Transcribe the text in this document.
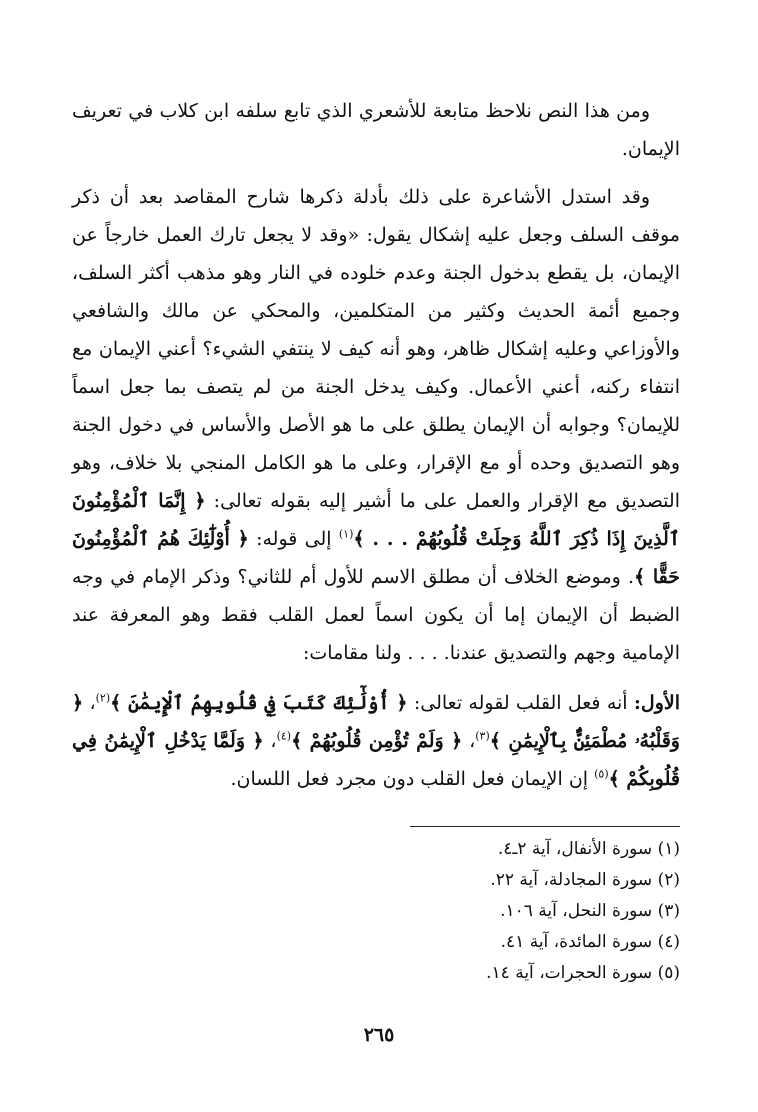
ومن هذا النص نلاحظ متابعة للأشعري الذي تابع سلفه ابن كلاب في تعريف الإيمان.

وقد استدل الأشاعرة على ذلك بأدلة ذكرها شارح المقاصد بعد أن ذكر موقف السلف وجعل عليه إشكال يقول: «وقد لا يجعل تارك العمل خارجاً عن الإيمان، بل يقطع بدخول الجنة وعدم خلوده في النار وهو مذهب أكثر السلف، وجميع أئمة الحديث وكثير من المتكلمين، والمحكي عن مالك والشافعي والأوزاعي وعليه إشكال ظاهر، وهو أنه كيف لا ينتفي الشيء؟ أعني الإيمان مع انتفاء ركنه، أعني الأعمال. وكيف يدخل الجنة من لم يتصف بما جعل اسماً للإيمان؟ وجوابه أن الإيمان يطلق على ما هو الأصل والأساس في دخول الجنة وهو التصديق وحده أو مع الإقرار، وعلى ما هو الكامل المنجي بلا خلاف، وهو التصديق مع الإقرار والعمل على ما أشير إليه بقوله تعالى: ﴿ إِنَّمَا ٱلْمُؤْمِنُونَ ٱلَّذِينَ إِذَا ذُكِرَ ٱللَّهُ وَجِلَتْ قُلُوبُهُمْ . . . ﴾$^{(١)}$ إلى قوله: ﴿ أُوْلَٰٓئِكَ هُمُ ٱلْمُؤْمِنُونَ حَقًّا ﴾. وموضع الخلاف أن مطلق الاسم للأول أم للثاني؟ وذكر الإمام في وجه الضبط أن الإيمان إما أن يكون اسماً لعمل القلب فقط وهو المعرفة عند الإمامية وجهم والتصديق عندنا. . . . ولنا مقامات:

الأول: أنه فعل القلب لقوله تعالى: ﴿ أُوْلَٰٓئِكَ كَتَبَ فِي قُلُوبِهِمُ ٱلْإِيمَٰنَ ﴾$^{(٢)}$، ﴿ وَقَلْبُهُۥ مُطْمَئِنٌّۢ بِٱلْإِيمَٰنِ ﴾$^{(٣)}$، ﴿ وَلَمْ تُؤْمِن قُلُوبُهُمْ ﴾$^{(٤)}$، ﴿ وَلَمَّا يَدْخُلِ ٱلْإِيمَٰنُ فِي قُلُوبِكُمْ ﴾$^{(٥)}$ إن الإيمان فعل القلب دون مجرد فعل اللسان.

(١) سورة الأنفال، آية ٢ـ٤.

(٢) سورة المجادلة، آية ٢٢.

(٣) سورة النحل، آية ١٠٦.

(٤) سورة المائدة، آية ٤١.

(٥) سورة الحجرات، آية ١٤.

٢٦٥
